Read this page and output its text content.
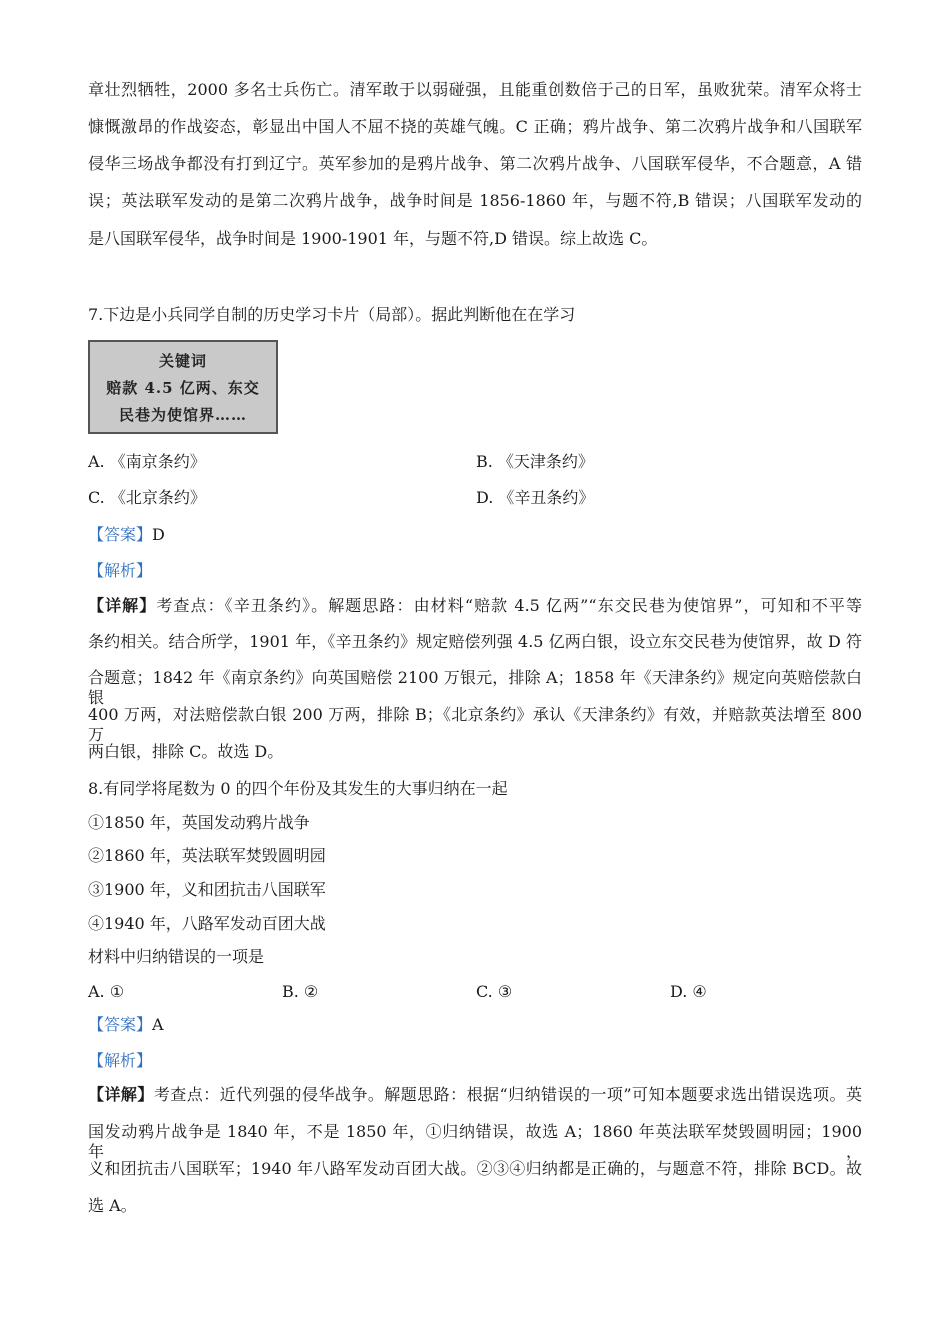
章壮烈牺牲，2000 多名士兵伤亡。清军敢于以弱碰强，且能重创数倍于己的日军，虽败犹荣。清军众将士
慷慨激昂的作战姿态，彰显出中国人不屈不挠的英雄气魄。C 正确；鸦片战争、第二次鸦片战争和八国联军
侵华三场战争都没有打到辽宁。英军参加的是鸦片战争、第二次鸦片战争、八国联军侵华，不合题意，A 错
误；英法联军发动的是第二次鸦片战争，战争时间是 1856-1860 年，与题不符,B 错误；八国联军发动的
是八国联军侵华，战争时间是 1900-1901 年，与题不符,D 错误。综上故选 C。
7.下边是小兵同学自制的历史学习卡片（局部）。据此判断他在在学习
关键词
赔款 4.5 亿两、东交
民巷为使馆界……
A. 《南京条约》	B. 《天津条约》
C. 《北京条约》	D. 《辛丑条约》
【答案】D
【解析】
【详解】考查点：《辛丑条约》。解题思路：由材料“赔款 4.5 亿两”“东交民巷为使馆界”，可知和不平等
条约相关。结合所学，1901 年，《辛丑条约》规定赔偿列强 4.5 亿两白银，设立东交民巷为使馆界，故 D 符
合题意；1842 年《南京条约》向英国赔偿 2100 万银元，排除 A；1858 年《天津条约》规定向英赔偿款白银
400 万两，对法赔偿款白银 200 万两，排除 B；《北京条约》承认《天津条约》有效，并赔款英法增至 800 万
两白银，排除 C。故选 D。
8.有同学将尾数为 0 的四个年份及其发生的大事归纳在一起
①1850 年，英国发动鸦片战争
②1860 年，英法联军焚毁圆明园
③1900 年，义和团抗击八国联军
④1940 年，八路军发动百团大战
材料中归纳错误的一项是
A. ①	B. ②	C. ③	D. ④
【答案】A
【解析】
【详解】考查点：近代列强的侵华战争。解题思路：根据“归纳错误的一项”可知本题要求选出错误选项。英
国发动鸦片战争是 1840 年，不是 1850 年，①归纳错误，故选 A；1860 年英法联军焚毁圆明园；1900 年，
义和团抗击八国联军；1940 年八路军发动百团大战。②③④归纳都是正确的，与题意不符，排除 BCD。故
选 A。
